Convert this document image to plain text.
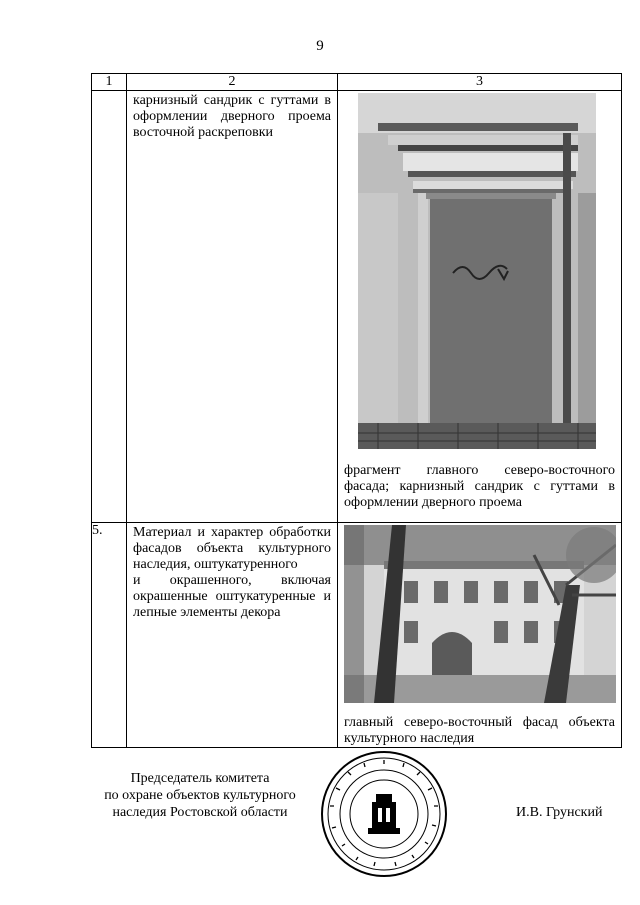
9
1	2	3

	карнизный сандрик с гуттами в оформлении дверного проема восточной раскреповки	фрагмент главного северо-восточного фасада; карнизный сандрик с гуттами в оформлении дверного проема

5.	Материал и характер обработки фасадов объекта культурного наследия, оштукатуренного
и окрашенного, включая окрашенные оштукатуренные и лепные элементы декора	главный северо-восточный фасад объекта культурного наследия
Председатель комитета
по охране объектов культурного
наследия Ростовской области	И.В. Грунский
